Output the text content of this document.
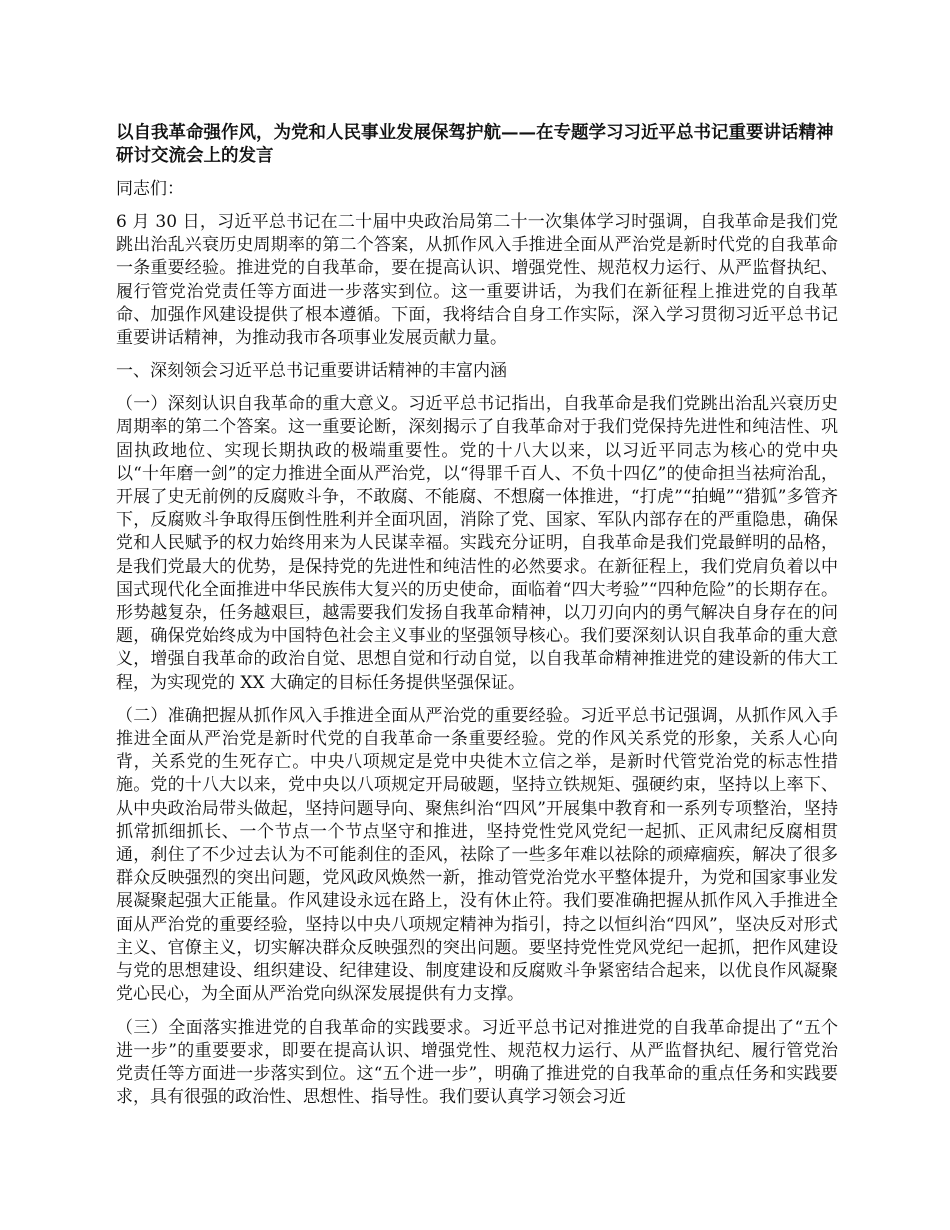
以自我革命强作风，为党和人民事业发展保驾护航——在专题学习习近平总书记重要讲话精神研讨交流会上的发言
同志们：
6 月 30 日，习近平总书记在二十届中央政治局第二十一次集体学习时强调，自我革命是我们党跳出治乱兴衰历史周期率的第二个答案，从抓作风入手推进全面从严治党是新时代党的自我革命一条重要经验。推进党的自我革命，要在提高认识、增强党性、规范权力运行、从严监督执纪、履行管党治党责任等方面进一步落实到位。这一重要讲话，为我们在新征程上推进党的自我革命、加强作风建设提供了根本遵循。下面，我将结合自身工作实际，深入学习贯彻习近平总书记重要讲话精神，为推动我市各项事业发展贡献力量。
一、深刻领会习近平总书记重要讲话精神的丰富内涵
（一）深刻认识自我革命的重大意义。习近平总书记指出，自我革命是我们党跳出治乱兴衰历史周期率的第二个答案。这一重要论断，深刻揭示了自我革命对于我们党保持先进性和纯洁性、巩固执政地位、实现长期执政的极端重要性。党的十八大以来，以习近平同志为核心的党中央以“十年磨一剑”的定力推进全面从严治党，以“得罪千百人、不负十四亿”的使命担当祛疴治乱，开展了史无前例的反腐败斗争，不敢腐、不能腐、不想腐一体推进，“打虎”“拍蝇”“猎狐”多管齐下，反腐败斗争取得压倒性胜利并全面巩固，消除了党、国家、军队内部存在的严重隐患，确保党和人民赋予的权力始终用来为人民谋幸福。实践充分证明，自我革命是我们党最鲜明的品格，是我们党最大的优势，是保持党的先进性和纯洁性的必然要求。在新征程上，我们党肩负着以中国式现代化全面推进中华民族伟大复兴的历史使命，面临着“四大考验”“四种危险”的长期存在。形势越复杂，任务越艰巨，越需要我们发扬自我革命精神，以刀刃向内的勇气解决自身存在的问题，确保党始终成为中国特色社会主义事业的坚强领导核心。我们要深刻认识自我革命的重大意义，增强自我革命的政治自觉、思想自觉和行动自觉，以自我革命精神推进党的建设新的伟大工程，为实现党的 XX 大确定的目标任务提供坚强保证。
（二）准确把握从抓作风入手推进全面从严治党的重要经验。习近平总书记强调，从抓作风入手推进全面从严治党是新时代党的自我革命一条重要经验。党的作风关系党的形象，关系人心向背，关系党的生死存亡。中央八项规定是党中央徙木立信之举，是新时代管党治党的标志性措施。党的十八大以来，党中央以八项规定开局破题，坚持立铁规矩、强硬约束，坚持以上率下、从中央政治局带头做起，坚持问题导向、聚焦纠治“四风”开展集中教育和一系列专项整治，坚持抓常抓细抓长、一个节点一个节点坚守和推进，坚持党性党风党纪一起抓、正风肃纪反腐相贯通，刹住了不少过去认为不可能刹住的歪风，祛除了一些多年难以祛除的顽瘴痼疾，解决了很多群众反映强烈的突出问题，党风政风焕然一新，推动管党治党水平整体提升，为党和国家事业发展凝聚起强大正能量。作风建设永远在路上，没有休止符。我们要准确把握从抓作风入手推进全面从严治党的重要经验，坚持以中央八项规定精神为指引，持之以恒纠治“四风”，坚决反对形式主义、官僚主义，切实解决群众反映强烈的突出问题。要坚持党性党风党纪一起抓，把作风建设与党的思想建设、组织建设、纪律建设、制度建设和反腐败斗争紧密结合起来，以优良作风凝聚党心民心，为全面从严治党向纵深发展提供有力支撑。
（三）全面落实推进党的自我革命的实践要求。习近平总书记对推进党的自我革命提出了“五个进一步”的重要要求，即要在提高认识、增强党性、规范权力运行、从严监督执纪、履行管党治党责任等方面进一步落实到位。这“五个进一步”，明确了推进党的自我革命的重点任务和实践要求，具有很强的政治性、思想性、指导性。我们要认真学习领会习近
